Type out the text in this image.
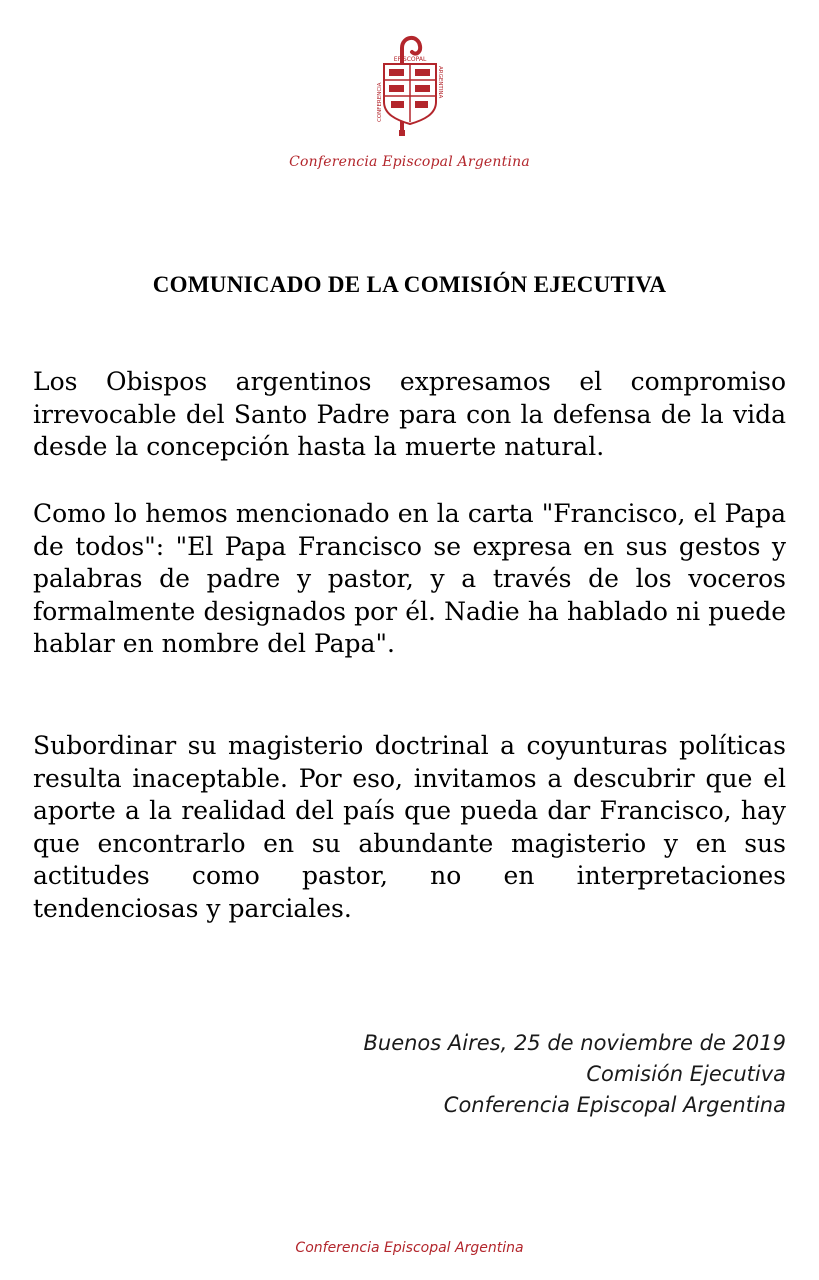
EPISCOPAL
CONFERENCIA
ARGENTINA
Conferencia Episcopal Argentina
COMUNICADO DE LA COMISIÓN EJECUTIVA

Los Obispos argentinos expresamos el compromiso irrevocable del Santo Padre para con la defensa de la vida desde la concepción hasta la muerte natural.

Como lo hemos mencionado en la carta "Francisco, el Papa de todos": "El Papa Francisco se expresa en sus gestos y palabras de padre y pastor, y a través de los voceros formalmente designados por él. Nadie ha hablado ni puede hablar en nombre del Papa".

Subordinar su magisterio doctrinal a coyunturas políticas resulta inaceptable. Por eso, invitamos a descubrir que el aporte a la realidad del país que pueda dar Francisco, hay que encontrarlo en su abundante magisterio y en sus actitudes como pastor, no en interpretaciones tendenciosas y parciales.

Buenos Aires, 25 de noviembre de 2019
Comisión Ejecutiva
Conferencia Episcopal Argentina
Conferencia Episcopal Argentina
